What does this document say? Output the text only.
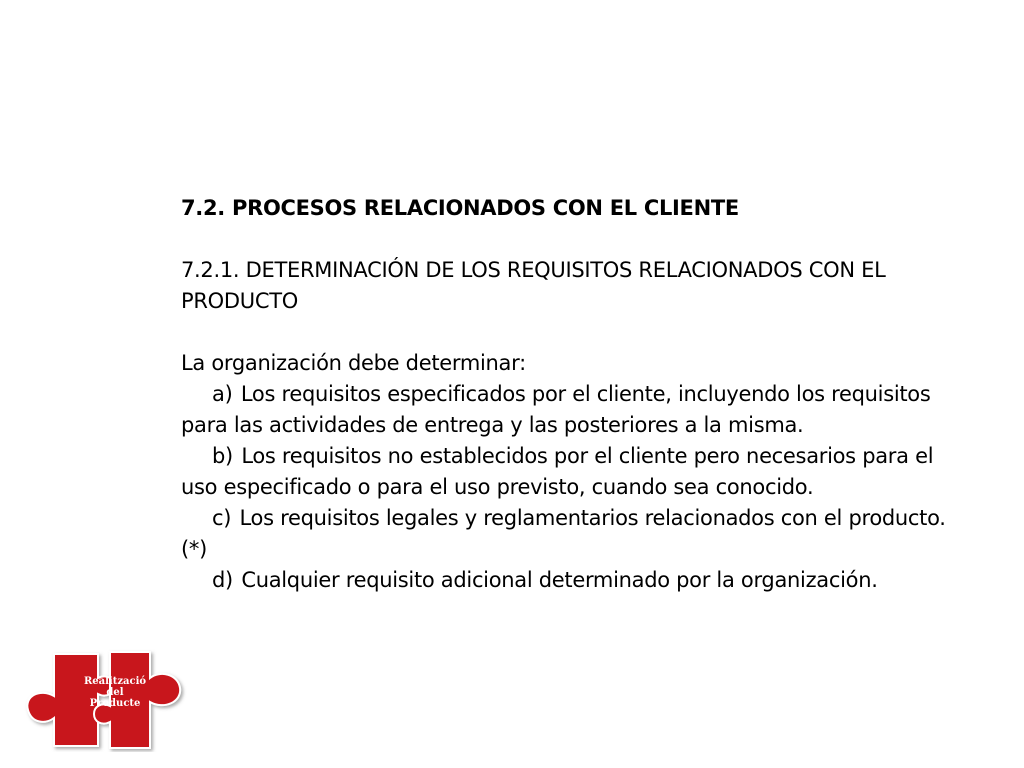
7.2. PROCESOS RELACIONADOS CON EL CLIENTE

7.2.1. DETERMINACIÓN DE LOS REQUISITOS RELACIONADOS CON EL PRODUCTO

La organización debe determinar:

a) Los requisitos especificados por el cliente, incluyendo los requisitos para las actividades de entrega y las posteriores a la misma.

b) Los requisitos no establecidos por el cliente pero necesarios para el uso especificado o para el uso previsto, cuando sea conocido.

c) Los requisitos legales y reglamentarios relacionados con el producto. (*)

d) Cualquier requisito adicional determinado por la organización.

Realització
del
Producte
